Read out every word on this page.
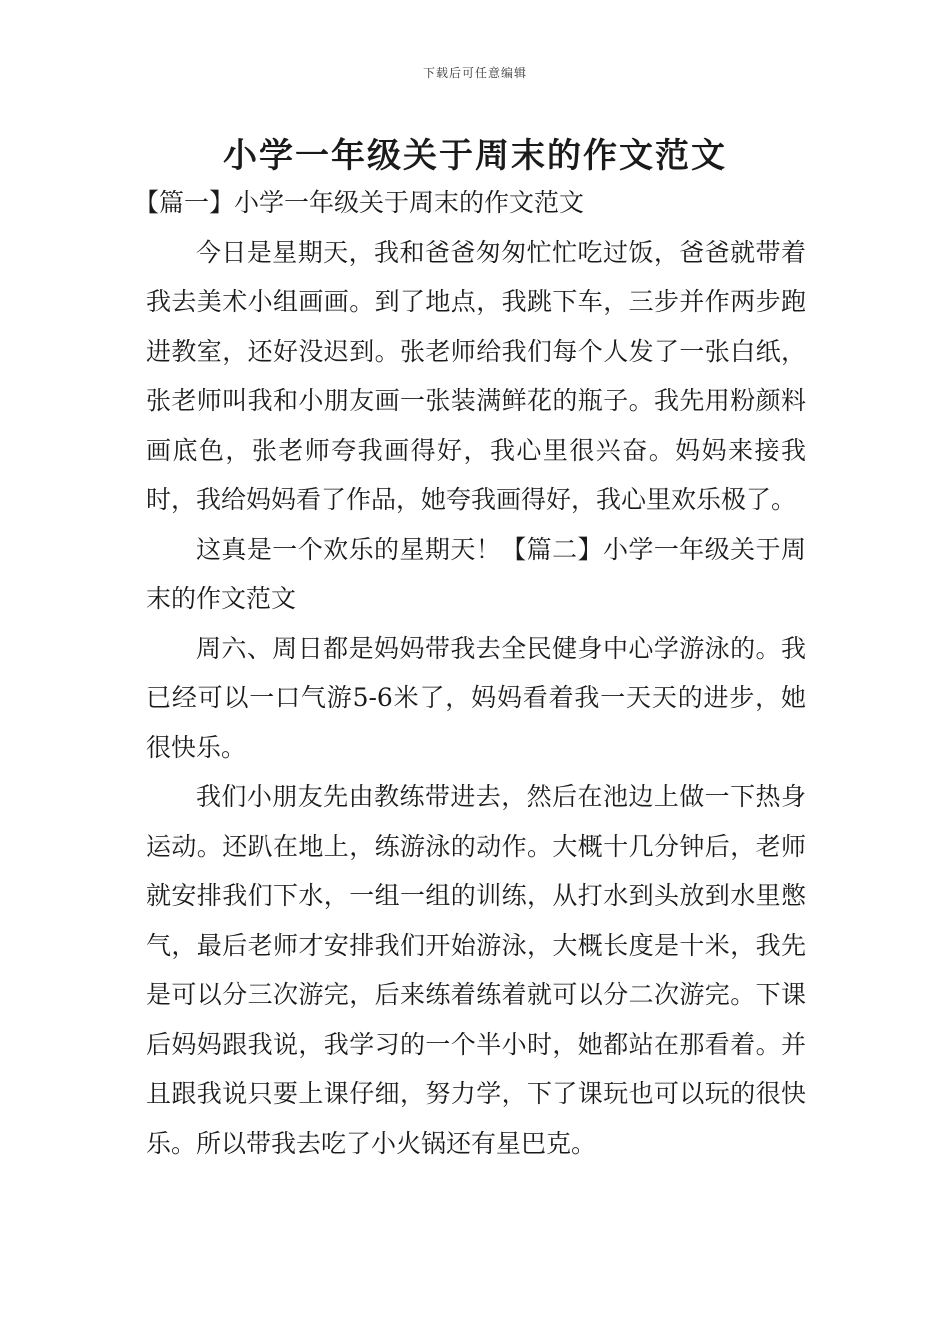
下载后可任意编辑
小学一年级关于周末的作文范文

【篇一】小学一年级关于周末的作文范文

今日是星期天，我和爸爸匆匆忙忙吃过饭，爸爸就带着我去美术小组画画。到了地点，我跳下车，三步并作两步跑进教室，还好没迟到。张老师给我们每个人发了一张白纸，张老师叫我和小朋友画一张装满鲜花的瓶子。我先用粉颜料画底色，张老师夸我画得好，我心里很兴奋。妈妈来接我时，我给妈妈看了作品，她夸我画得好，我心里欢乐极了。

这真是一个欢乐的星期天！【篇二】小学一年级关于周末的作文范文

周六、周日都是妈妈带我去全民健身中心学游泳的。我已经可以一口气游5-6米了，妈妈看着我一天天的进步，她很快乐。

我们小朋友先由教练带进去，然后在池边上做一下热身运动。还趴在地上，练游泳的动作。大概十几分钟后，老师就安排我们下水，一组一组的训练，从打水到头放到水里憋气，最后老师才安排我们开始游泳，大概长度是十米，我先是可以分三次游完，后来练着练着就可以分二次游完。下课后妈妈跟我说，我学习的一个半小时，她都站在那看着。并且跟我说只要上课仔细，努力学，下了课玩也可以玩的很快乐。所以带我去吃了小火锅还有星巴克。
